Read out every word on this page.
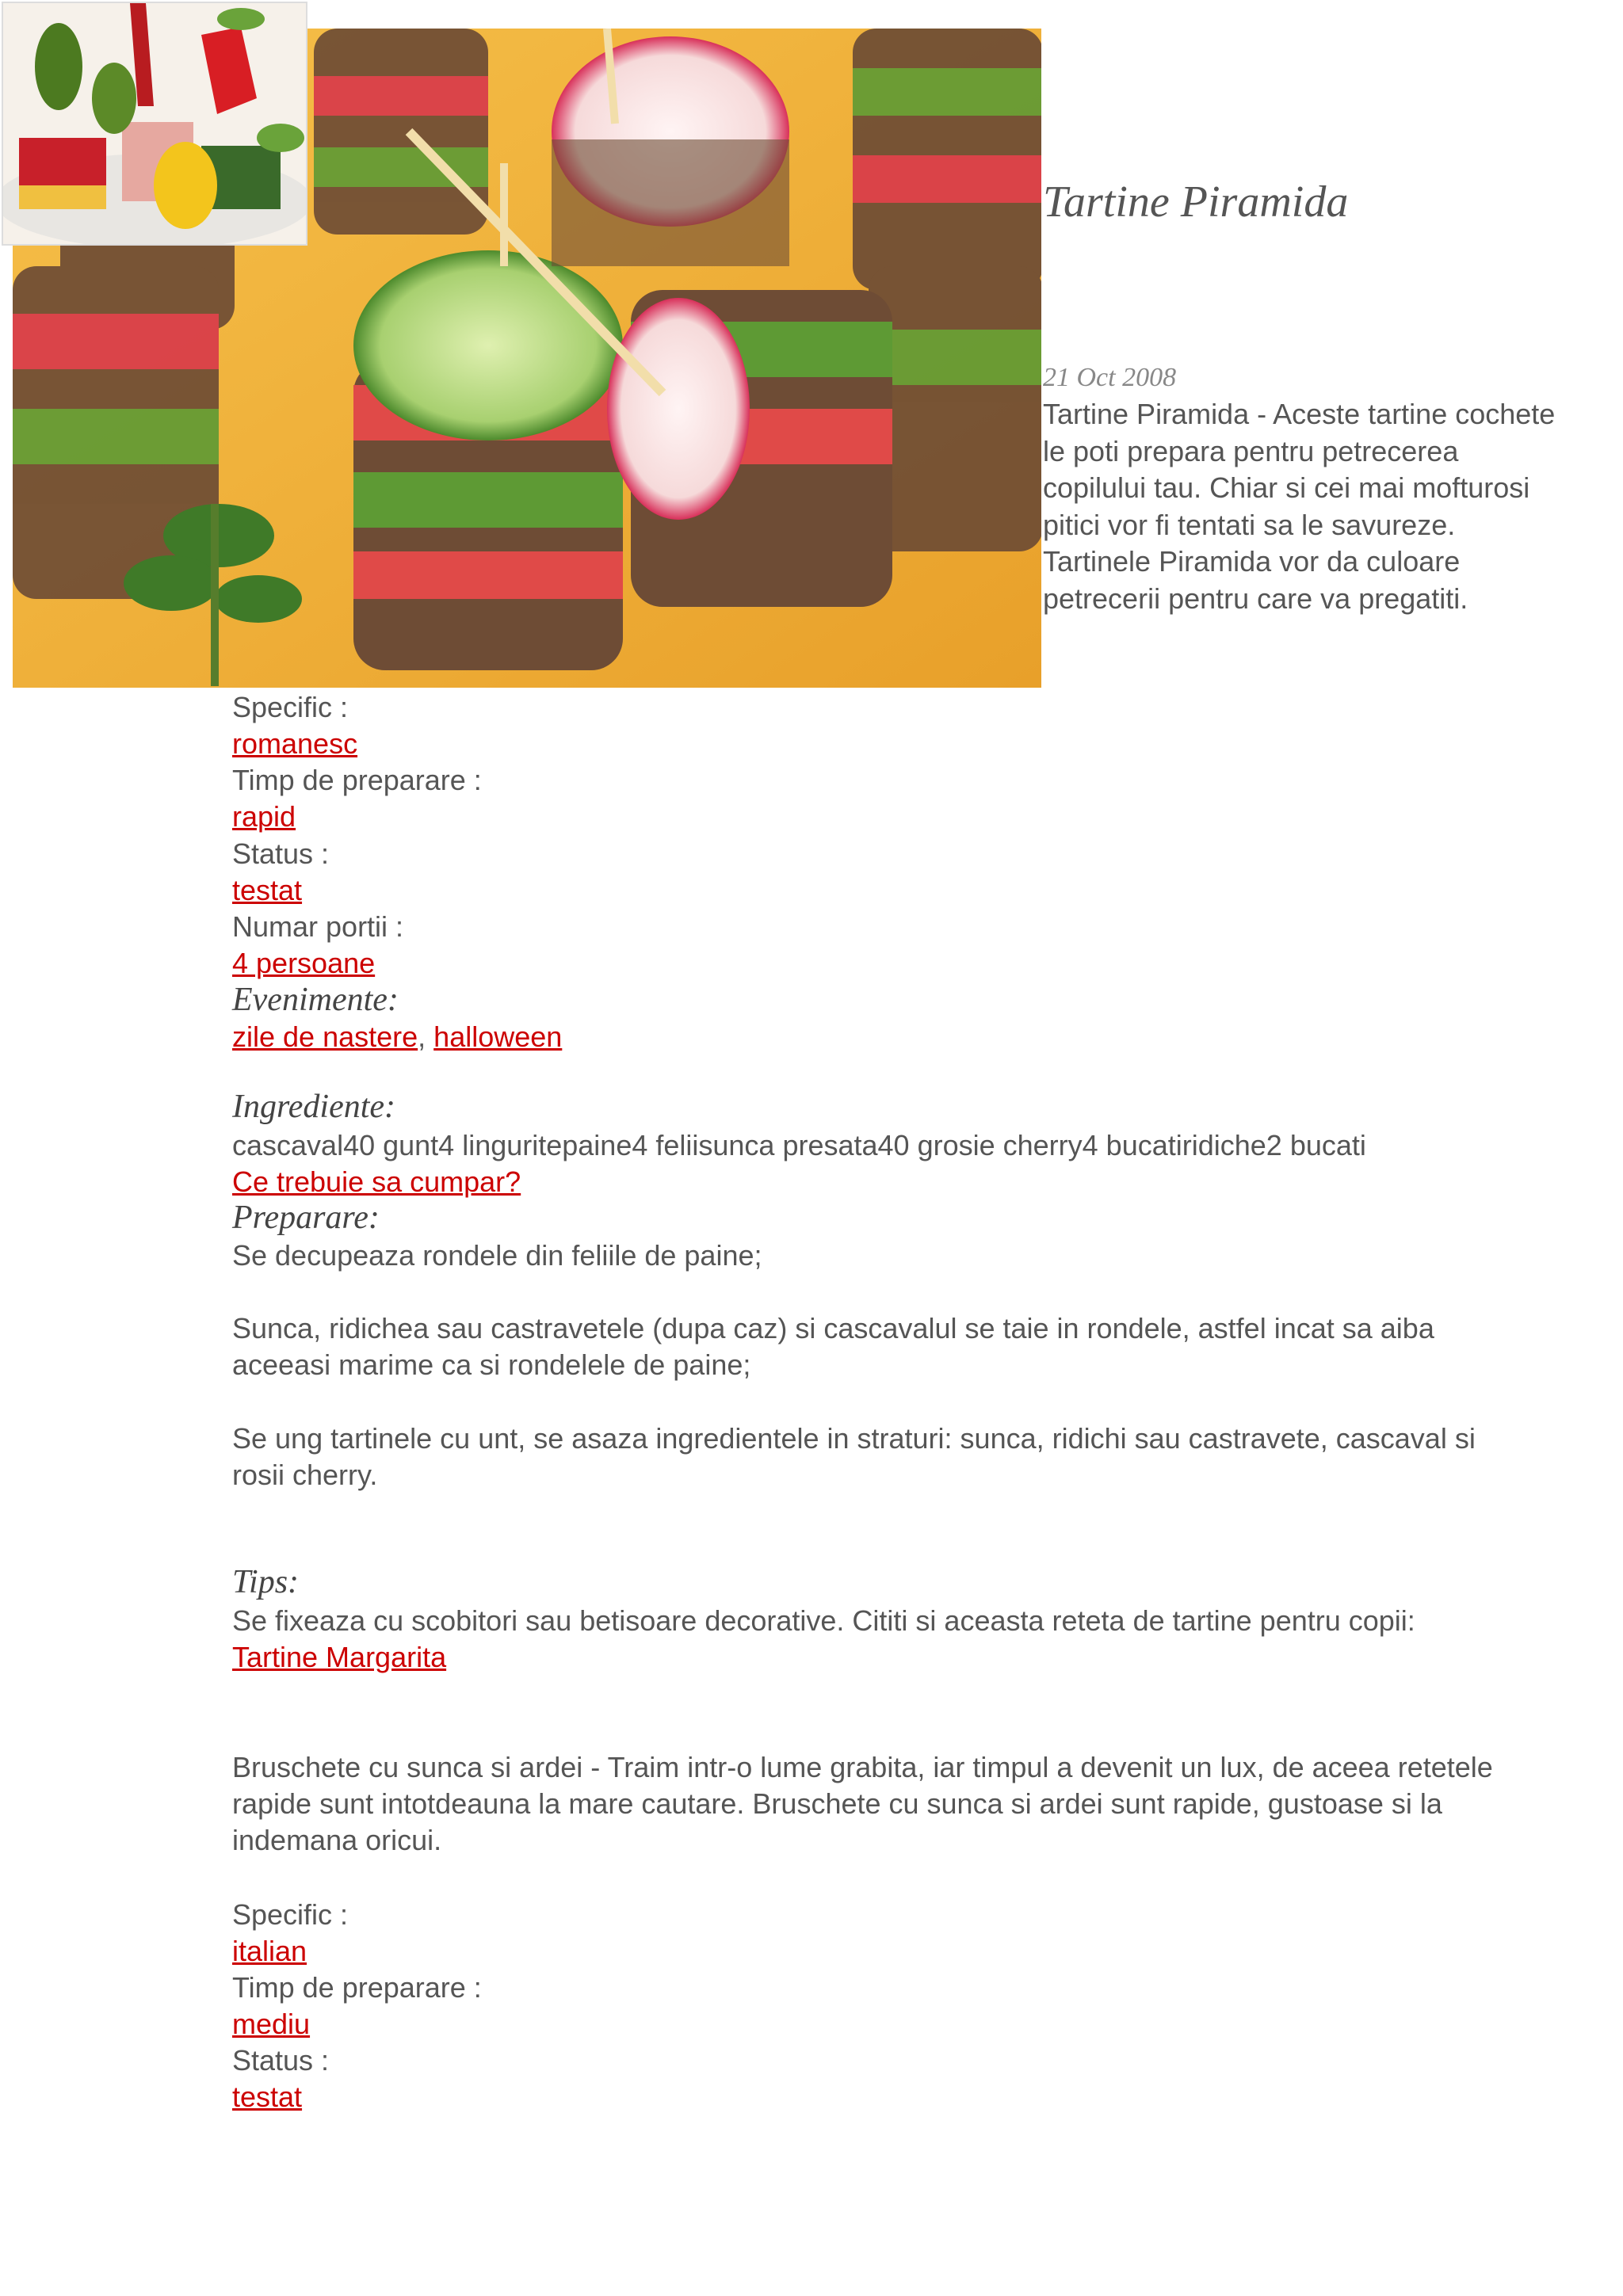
Tartine Piramida
21 Oct 2008
Tartine Piramida - Aceste tartine cochete le poti prepara pentru petrecerea copilului tau. Chiar si cei mai mofturosi pitici vor fi tentati sa le savureze. Tartinele Piramida vor da culoare petrecerii pentru care va pregatiti.
Specific :
romanesc
Timp de preparare :
rapid
Status :
testat
Numar portii :
4 persoane
Evenimente:
zile de nastere, halloween
Ingrediente:
cascaval40 gunt4 linguritepaine4 feliisunca presata40 grosie cherry4 bucatiridiche2 bucati
Ce trebuie sa cumpar?
Preparare:
Se decupeaza rondele din feliile de paine;
Sunca, ridichea sau castravetele (dupa caz) si cascavalul se taie in rondele, astfel incat sa aiba aceeasi marime ca si rondelele de paine;
Se ung tartinele cu unt, se asaza ingredientele in straturi: sunca, ridichi sau castravete, cascaval si rosii cherry.
Tips:
Se fixeaza cu scobitori sau betisoare decorative. Cititi si aceasta reteta de tartine pentru copii: Tartine Margarita
Bruschete cu sunca si ardei - Traim intr-o lume grabita, iar timpul a devenit un lux, de aceea retetele rapide sunt intotdeauna la mare cautare. Bruschete cu sunca si ardei sunt rapide, gustoase si la indemana oricui.
Specific :
italian
Timp de preparare :
mediu
Status :
testat
